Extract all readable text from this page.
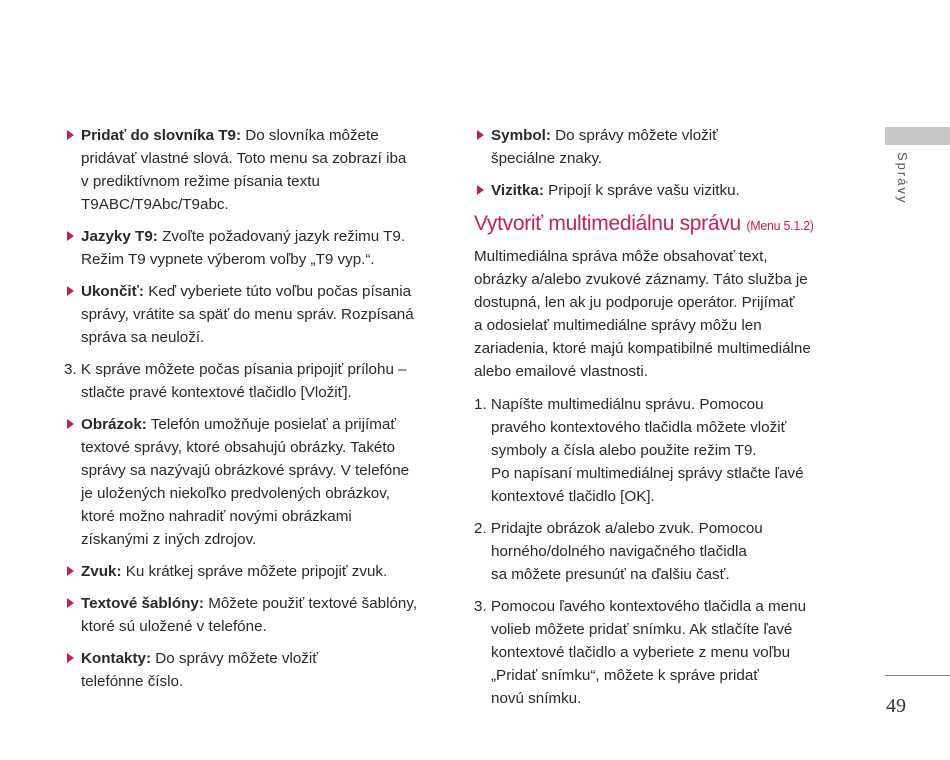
Pridať do slovníka T9: Do slovníka môžete
pridávať vlastné slová. Toto menu sa zobrazí iba
v prediktívnom režime písania textu
T9ABC/T9Abc/T9abc.
Jazyky T9: Zvoľte požadovaný jazyk režimu T9.
Režim T9 vypnete výberom voľby „T9 vyp.“.
Ukončiť: Keď vyberiete túto voľbu počas písania
správy, vrátite sa späť do menu správ. Rozpísaná
správa sa neuloží.
3. K správe môžete počas písania pripojiť prílohu –
stlačte pravé kontextové tlačidlo [Vložiť].
Obrázok: Telefón umožňuje posielať a prijímať
textové správy, ktoré obsahujú obrázky. Takéto
správy sa nazývajú obrázkové správy. V telefóne
je uložených niekoľko predvolených obrázkov,
ktoré možno nahradiť novými obrázkami
získanými z iných zdrojov.
Zvuk: Ku krátkej správe môžete pripojiť zvuk.
Textové šablóny: Môžete použiť textové šablóny,
ktoré sú uložené v telefóne.
Kontakty: Do správy môžete vložiť
telefónne číslo.
Symbol: Do správy môžete vložiť
špeciálne znaky.
Vizitka: Pripojí k správe vašu vizitku.
Vytvoriť multimediálnu správu (Menu 5.1.2)
Multimediálna správa môže obsahovať text,
obrázky a/alebo zvukové záznamy. Táto služba je
dostupná, len ak ju podporuje operátor. Prijímať
a odosielať multimediálne správy môžu len
zariadenia, ktoré majú kompatibilné multimediálne
alebo emailové vlastnosti.
1. Napíšte multimediálnu správu. Pomocou
pravého kontextového tlačidla môžete vložiť
symboly a čísla alebo použite režim T9.
Po napísaní multimediálnej správy stlačte ľavé
kontextové tlačidlo [OK].
2. Pridajte obrázok a/alebo zvuk. Pomocou
horného/dolného navigačného tlačidla
sa môžete presunúť na ďalšiu časť.
3. Pomocou ľavého kontextového tlačidla a menu
volieb môžete pridať snímku. Ak stlačíte ľavé
kontextové tlačidlo a vyberiete z menu voľbu
„Pridať snímku“, môžete k správe pridať
novú snímku.
Správy
49
